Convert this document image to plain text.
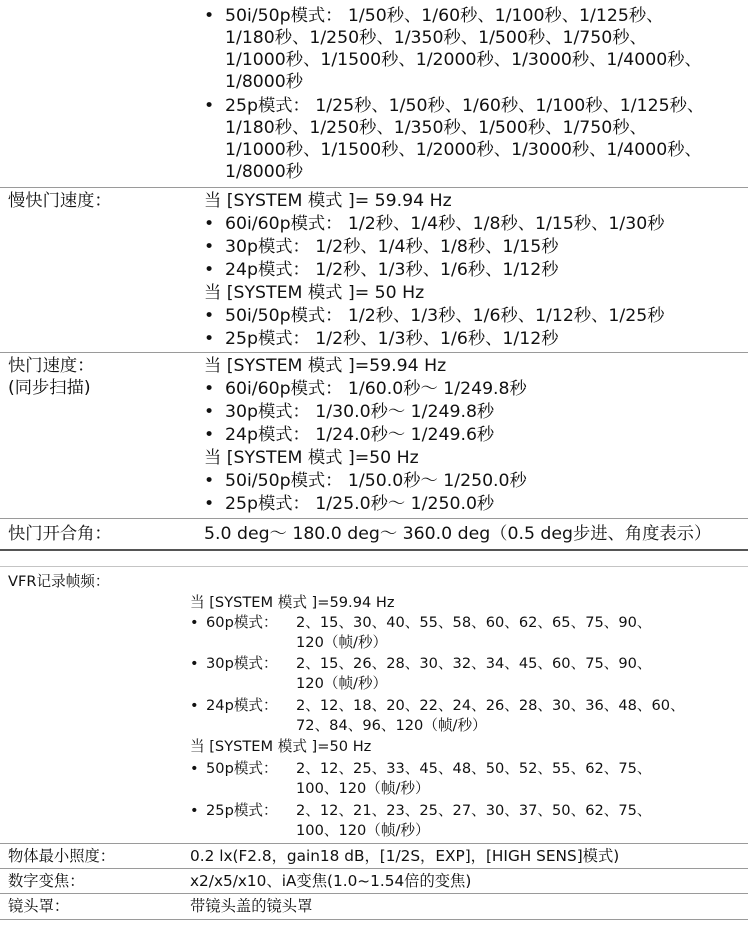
• 50i/50p模式： 1/50秒、1/60秒、1/100秒、1/125秒、
1/180秒、1/250秒、1/350秒、1/500秒、1/750秒、
1/1000秒、1/1500秒、1/2000秒、1/3000秒、1/4000秒、
1/8000秒
• 25p模式： 1/25秒、1/50秒、1/60秒、1/100秒、1/125秒、
1/180秒、1/250秒、1/350秒、1/500秒、1/750秒、
1/1000秒、1/1500秒、1/2000秒、1/3000秒、1/4000秒、
1/8000秒
慢快门速度：	当 [SYSTEM 模式 ]= 59.94 Hz
• 60i/60p模式： 1/2秒、1/4秒、1/8秒、1/15秒、1/30秒
• 30p模式： 1/2秒、1/4秒、1/8秒、1/15秒
• 24p模式： 1/2秒、1/3秒、1/6秒、1/12秒
当 [SYSTEM 模式 ]= 50 Hz
• 50i/50p模式： 1/2秒、1/3秒、1/6秒、1/12秒、1/25秒
• 25p模式： 1/2秒、1/3秒、1/6秒、1/12秒
快门速度：
(同步扫描)
当 [SYSTEM 模式 ]=59.94 Hz
• 60i/60p模式： 1/60.0秒～ 1/249.8秒
• 30p模式： 1/30.0秒～ 1/249.8秒
• 24p模式： 1/24.0秒～ 1/249.6秒
当 [SYSTEM 模式 ]=50 Hz
• 50i/50p模式： 1/50.0秒～ 1/250.0秒
• 25p模式： 1/25.0秒～ 1/250.0秒
快门开合角：	5.0 deg～ 180.0 deg～ 360.0 deg（0.5 deg步进、角度表示）
VFR记录帧频：
当 [SYSTEM 模式 ]=59.94 Hz
• 60p模式： 2、15、30、40、55、58、60、62、65、75、90、
120（帧/秒）
• 30p模式： 2、15、26、28、30、32、34、45、60、75、90、
120（帧/秒）
• 24p模式： 2、12、18、20、22、24、26、28、30、36、48、60、
72、84、96、120（帧/秒）
当 [SYSTEM 模式 ]=50 Hz
• 50p模式： 2、12、25、33、45、48、50、52、55、62、75、
100、120（帧/秒）
• 25p模式： 2、12、21、23、25、27、30、37、50、62、75、
100、120（帧/秒）
物体最小照度：	0.2 lx(F2.8，gain18 dB，[1/2S，EXP]，[HIGH SENS]模式)
数字变焦：	x2/x5/x10、iA变焦(1.0~1.54倍的变焦)
镜头罩：	带镜头盖的镜头罩
